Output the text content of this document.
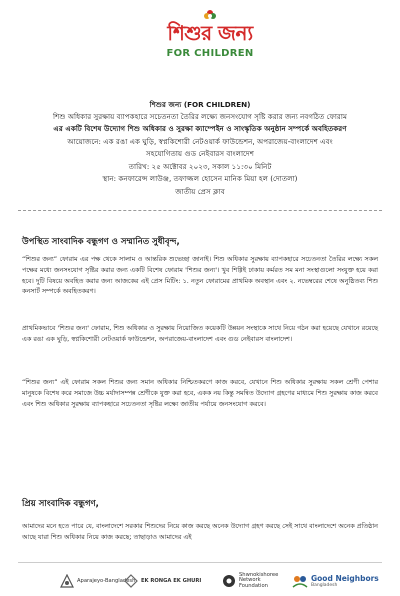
শিশুর জন্য
FOR CHILDREN
শিশুর জন্য (FOR CHILDREN)
শিশু অধিকার সুরক্ষায় ব্যাপকহারে সচেতনতা তৈরির লক্ষ্যে জনসংযোগ সৃষ্টি করার জন্য নবগঠিত ফোরাম
এর একটি বিশেষ উদ্যোগ শিশু অধিকার ও সুরক্ষা ক্যাম্পেইন ও সাংস্কৃতিক অনুষ্ঠান সম্পর্কে অবহিতকরণ
আয়োজনে: এক রঙা এক ঘুড়ি, স্বপ্নকিশোরী নেটওয়ার্ক ফাউন্ডেশন, অপরাজেয়-বাংলাদেশ এবং
সহযোগিতায় গুড নেইবারস বাংলাদেশ
তারিখ: ২৫ অক্টোবর ২০২৩, সকাল ১১:৩০ মিনিট
স্থান: কনফারেন্স লাউঞ্জ, তফাজ্জল হোসেন মানিক মিয়া হল (দোতলা)
জাতীয় প্রেস ক্লাব
উপস্থিত সাংবাদিক বন্ধুগণ ও সম্মানিত সুধীবৃন্দ,
“শিশুর জন্য” ফোরাম এর পক্ষ থেকে সালাম ও আন্তরিক শুভেচ্ছা জানাই। শিশু অধিকার সুরক্ষায় ব্যাপকহারে সচেতনতা তৈরির লক্ষ্যে সকল পক্ষের মধ্যে জনসংযোগ সৃষ্টির করার জন্য একটি বিশেষ ফোরাম 'শিশুর জন্য'। খুব শিগ্গিই ঢাকায় কর্মরত সম মনা সংস্থাগুলো সংযুক্ত হয়ে করা হবে। দুটি বিষয়ে অবহিত করার জন্য আজকের এই প্রেস মিটিং: ১. নতুন ফোরামের প্রাথমিক অবস্থান এবং ২. নভেম্বরের শেষে অনুষ্ঠিতব্য শিশু কনসার্ট সম্পর্কে অবহিতকরণ।
প্রাথমিকভাবে 'শিশুর জন্য' ফোরাম, শিশু অধিকার ও সুরক্ষায় নিয়োজিত কয়েকটি উন্নয়ন সংস্থাকে সাথে নিয়ে গঠন করা হয়েছে যেখানে রয়েছে এক রঙা এক ঘুড়ি, স্বপ্নকিশোরী নেটওয়ার্ক ফাউন্ডেশন, অপরাজেয়-বাংলাদেশ এবং গুড নেইবারস বাংলাদেশ।
“শিশুর জন্য” এই ফোরাম সকল শিশুর জন্য সমান অধিকার নিশ্চিতকরণে কাজ করবে, যেখানে শিশু অধিকার সুরক্ষায় সকল শ্রেণী পেশার মানুষকে বিশেষ করে সমাজে উচ্চ মর্যাদাসম্পন্ন শ্রেণীকে যুক্ত করা হবে, একক নয় কিন্তু সমন্বিত উদ্যোগ গ্রহণের মাধ্যমে শিশু সুরক্ষায় কাজ করবে এবং শিশু অধিকার সুরক্ষায় ব্যাপকহারে সচেতনতা সৃষ্টির লক্ষ্যে জাতীয় পর্যায়ে জনসংযোগ করবে।
প্রিয় সাংবাদিক বন্ধুগণ,
আমাদের মনে হতে পারে যে, বাংলাদেশে সরকার শিশুদের নিয়ে কাজ করছে অনেক উদ্যোগ গ্রহণ করছে সেই সাথে বাংলাদেশে অনেক প্রতিষ্ঠান আছে যারা শিশু অধিকার নিয়ে কাজ করছে; তাছাড়াও আমাদের এই
Aparajeyo-Bangladesh EK RONGA EK GHURI
Shwnokishoree Network Foundation
Good Neighbors
Bangladesh
